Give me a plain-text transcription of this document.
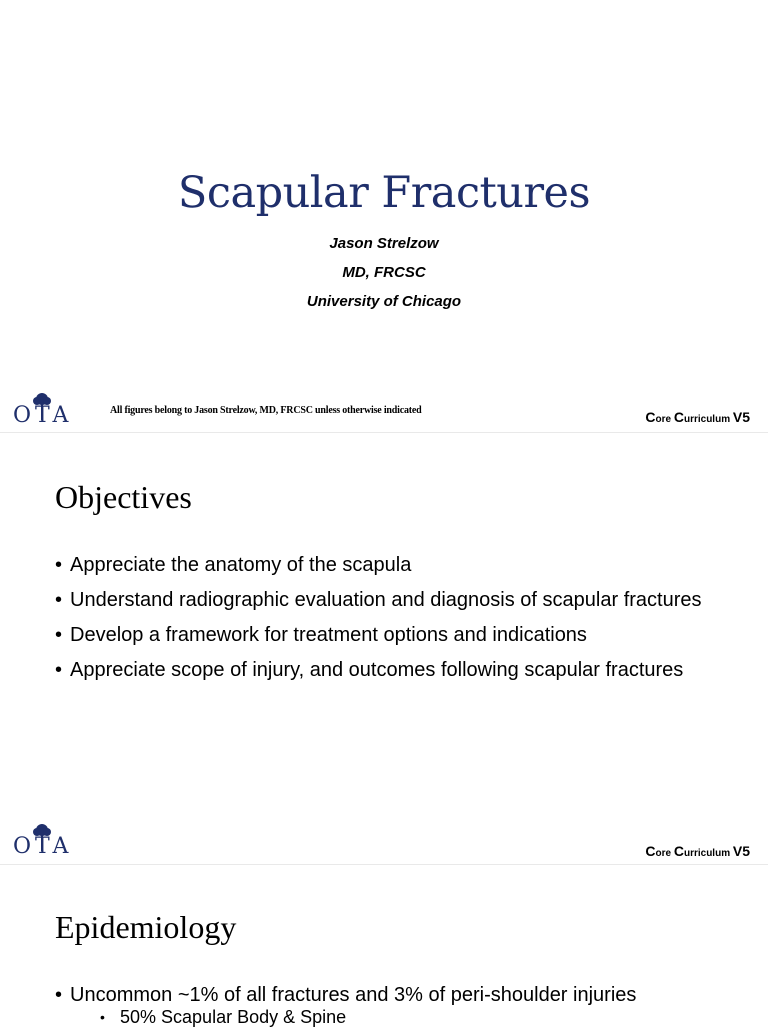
Scapular Fractures
Jason Strelzow
MD, FRCSC
University of Chicago
OTA	All figures belong to Jason Strelzow, MD, FRCSC unless otherwise indicated	Core Curriculum V5
Objectives
• Appreciate the anatomy of the scapula
• Understand radiographic evaluation and diagnosis of scapular fractures
• Develop a framework for treatment options and indications
• Appreciate scope of injury, and outcomes following scapular fractures
OTA	Core Curriculum V5
Epidemiology
• Uncommon ~1% of all fractures and 3% of peri-shoulder injuries
• 50% Scapular Body & Spine
